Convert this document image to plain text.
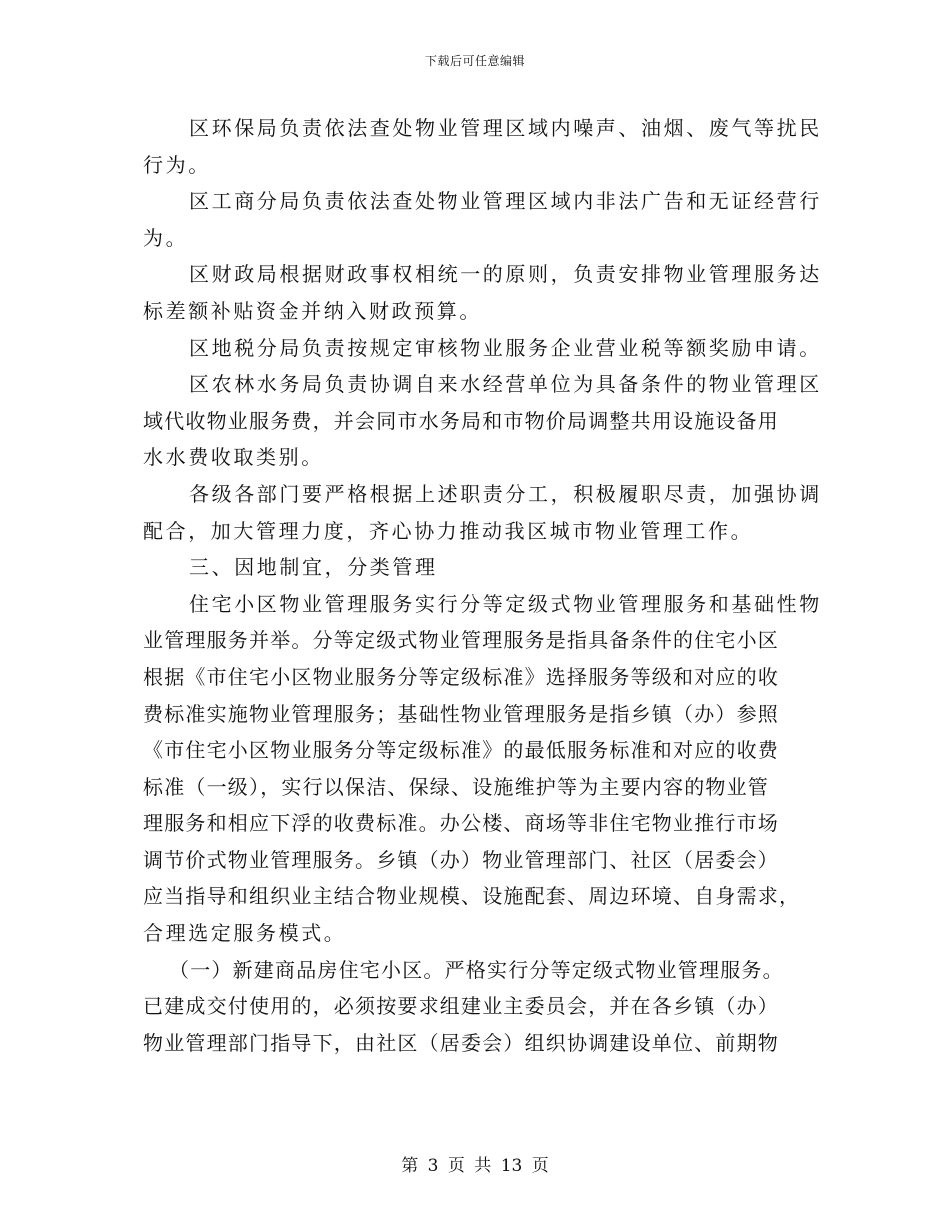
下载后可任意编辑
区环保局负责依法查处物业管理区域内噪声、油烟、废气等扰民
行为。
区工商分局负责依法查处物业管理区域内非法广告和无证经营行
为。
区财政局根据财政事权相统一的原则，负责安排物业管理服务达
标差额补贴资金并纳入财政预算。
区地税分局负责按规定审核物业服务企业营业税等额奖励申请。
区农林水务局负责协调自来水经营单位为具备条件的物业管理区
域代收物业服务费，并会同市水务局和市物价局调整共用设施设备用
水水费收取类别。
各级各部门要严格根据上述职责分工，积极履职尽责，加强协调
配合，加大管理力度，齐心协力推动我区城市物业管理工作。
三、因地制宜，分类管理
住宅小区物业管理服务实行分等定级式物业管理服务和基础性物
业管理服务并举。分等定级式物业管理服务是指具备条件的住宅小区
根据《市住宅小区物业服务分等定级标准》选择服务等级和对应的收
费标准实施物业管理服务；基础性物业管理服务是指乡镇（办）参照
《市住宅小区物业服务分等定级标准》的最低服务标准和对应的收费
标准（一级），实行以保洁、保绿、设施维护等为主要内容的物业管
理服务和相应下浮的收费标准。办公楼、商场等非住宅物业推行市场
调节价式物业管理服务。乡镇（办）物业管理部门、社区（居委会）
应当指导和组织业主结合物业规模、设施配套、周边环境、自身需求，
合理选定服务模式。
（一）新建商品房住宅小区。严格实行分等定级式物业管理服务。
已建成交付使用的，必须按要求组建业主委员会，并在各乡镇（办）
物业管理部门指导下，由社区（居委会）组织协调建设单位、前期物
第 3 页 共 13 页
